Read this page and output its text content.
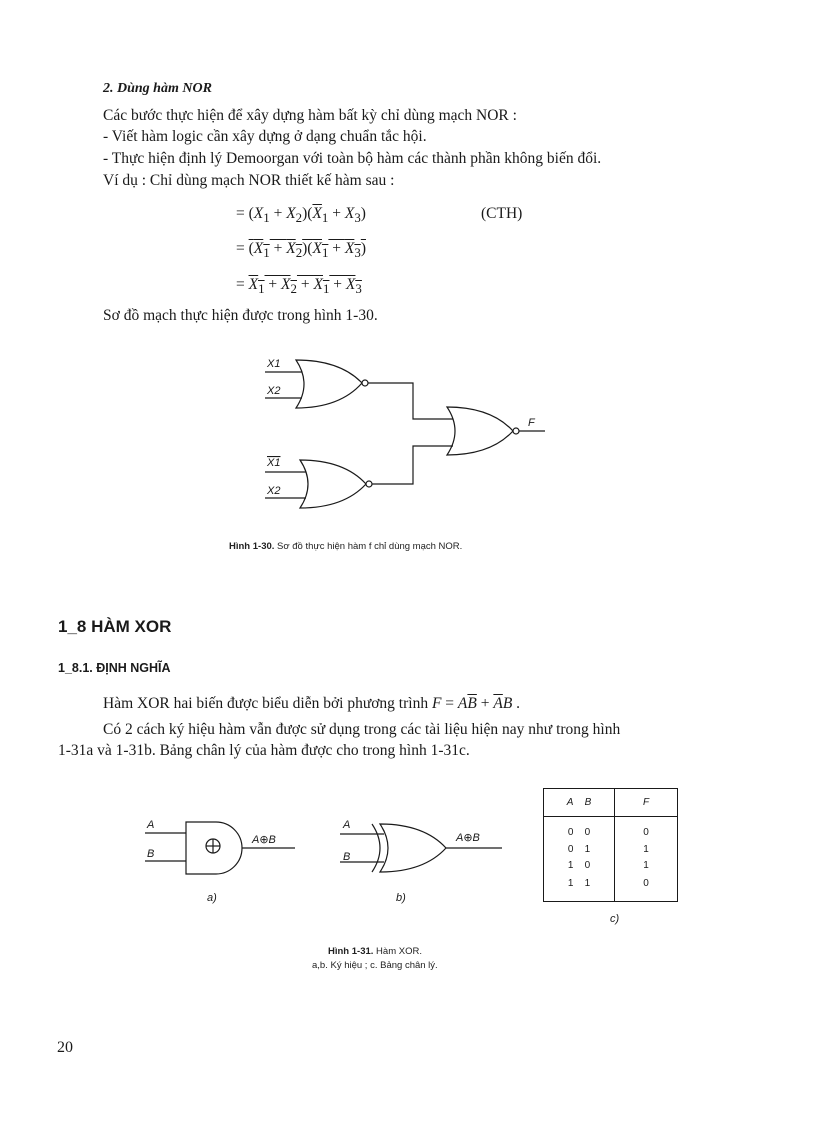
2. Dùng hàm NOR
Các bước thực hiện để xây dựng hàm bất kỳ chỉ dùng mạch NOR :
- Viết hàm logic cần xây dựng ở dạng chuẩn tắc hội.
- Thực hiện định lý Demoorgan với toàn bộ hàm các thành phần không biến đổi.
Ví dụ : Chỉ dùng mạch NOR thiết kế hàm sau :
= $(X_1 + X_2)(\overline{X}_1 + X_3)$	(CTH)
= $(X_1 + X_2)(X_1 + X_3)$
= $X_1 + X_2 + X_1 + X_3$
Sơ đồ mạch thực hiện được trong hình 1-30.
X1
X2
X1
X2
F
Hình 1-30. Sơ đồ thực hiện hàm f chỉ dùng mạch NOR.
1_8 HÀM XOR
1_8.1. ĐỊNH NGHĨA
Hàm XOR hai biến được biểu diễn bởi phương trình $F = A\overline{B} + \overline{A}B$ .
Có 2 cách ký hiệu hàm vẫn được sử dụng trong các tài liệu hiện nay như trong hình
1-31a và 1-31b. Bảng chân lý của hàm được cho trong hình 1-31c.
A
B
A⊕B
A
B
A⊕B
a)	b)
c)
A B	F
0 0	0
0 1	1
1 0	1
1 1	0
Hình 1-31. Hàm XOR.
a,b. Ký hiệu ; c. Bảng chân lý.
20
